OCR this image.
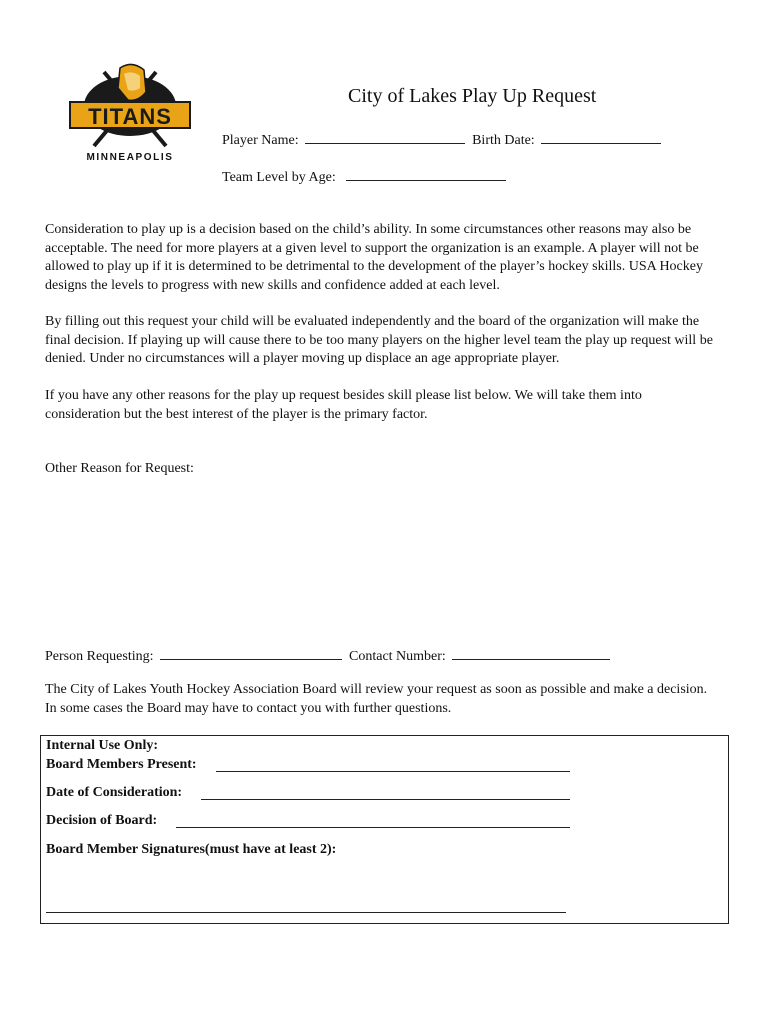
TITANS
MINNEAPOLIS
City of Lakes Play Up Request
Player Name:	Birth Date:
Team Level by Age:

Consideration to play up is a decision based on the child’s ability. In some circumstances other reasons may also be acceptable. The need for more players at a given level to support the organization is an example. A player will not be allowed to play up if it is determined to be detrimental to the development of the player’s hockey skills. USA Hockey designs the levels to progress with new skills and confidence added at each level.

By filling out this request your child will be evaluated independently and the board of the organization will make the final decision. If playing up will cause there to be too many players on the higher level team the play up request will be denied. Under no circumstances will a player moving up displace an age appropriate player.

If you have any other reasons for the play up request besides skill please list below. We will take them into consideration but the best interest of the player is the primary factor.

Other Reason for Request:
Person Requesting:	Contact Number:

The City of Lakes Youth Hockey Association Board will review your request as soon as possible and make a decision. In some cases the Board may have to contact you with further questions.

Internal Use Only:
Board Members Present:
Date of Consideration:
Decision of Board:
Board Member Signatures(must have at least 2):
